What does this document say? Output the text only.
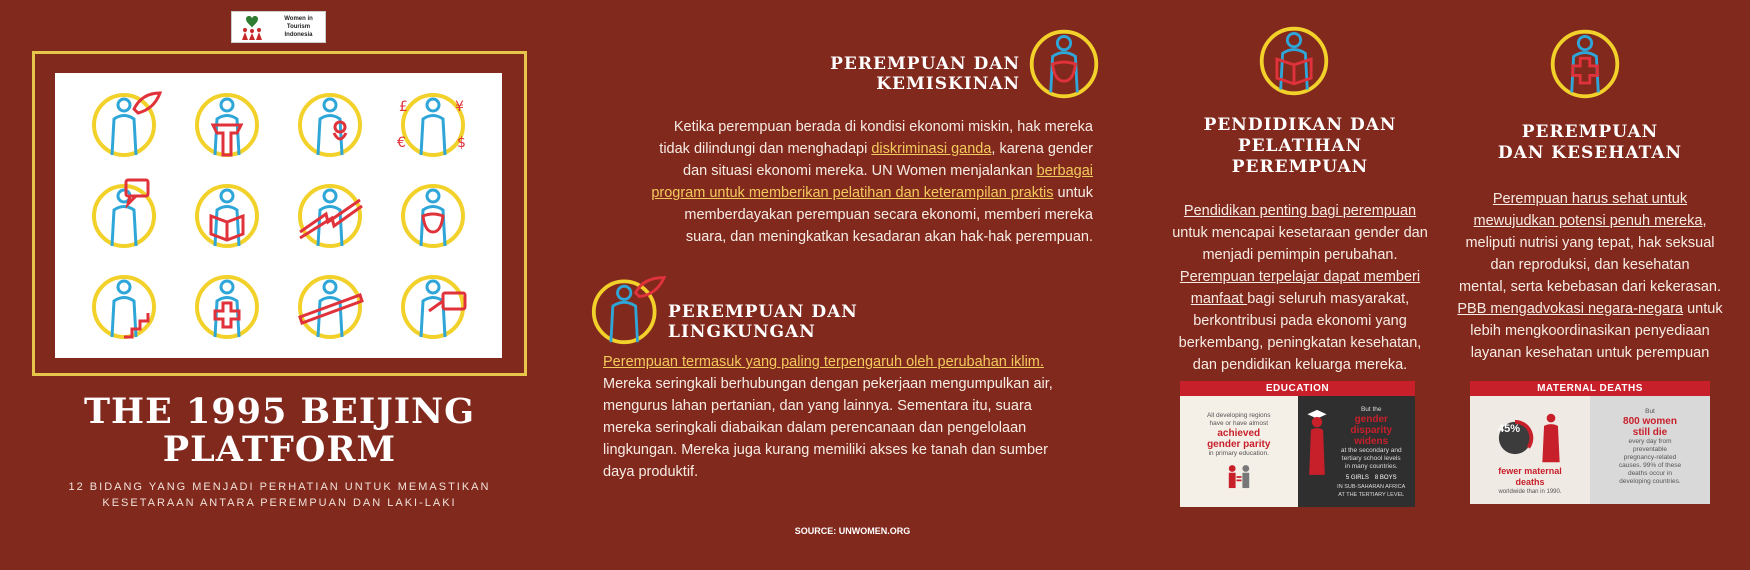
Women in Tourism
Indonesia
£	¥
€	$
THE 1995 BEIJING
PLATFORM
12 BIDANG YANG MENJADI PERHATIAN UNTUK MEMASTIKAN
KESETARAAN ANTARA PEREMPUAN DAN LAKI-LAKI
PEREMPUAN DAN
KEMISKINAN
Ketika perempuan berada di kondisi ekonomi miskin, hak mereka
tidak dilindungi dan menghadapi diskriminasi ganda, karena gender
dan situasi ekonomi mereka. UN Women menjalankan berbagai
program untuk memberikan pelatihan dan keterampilan praktis untuk
memberdayakan perempuan secara ekonomi, memberi mereka
suara, dan meningkatkan kesadaran akan hak-hak perempuan.
PEREMPUAN DAN
LINGKUNGAN
Perempuan termasuk yang paling terpengaruh oleh perubahan iklim.
Mereka seringkali berhubungan dengan pekerjaan mengumpulkan air,
mengurus lahan pertanian, dan yang lainnya. Sementara itu, suara
mereka seringkali diabaikan dalam perencanaan dan pengelolaan
lingkungan. Mereka juga kurang memiliki akses ke tanah dan sumber
daya produktif.
SOURCE: UNWOMEN.ORG
PENDIDIKAN DAN
PELATIHAN
PEREMPUAN
Pendidikan penting bagi perempuan
untuk mencapai kesetaraan gender dan
menjadi pemimpin perubahan.
Perempuan terpelajar dapat memberi
manfaat bagi seluruh masyarakat,
berkontribusi pada ekonomi yang
berkembang, peningkatan kesehatan,
dan pendidikan keluarga mereka.
EDUCATION
All developing regions
have or have almost
achieved
gender parity
in primary education.
But the
gender disparity
widens
at the secondary and
tertiary school levels
in many countries.
5 GIRLS 8 BOYS
IN SUB-SAHARAN AFRICA
AT THE TERTIARY LEVEL
PEREMPUAN
DAN KESEHATAN
Perempuan harus sehat untuk
mewujudkan potensi penuh mereka,
meliputi nutrisi yang tepat, hak seksual
dan reproduksi, dan kesehatan
mental, serta kebebasan dari kekerasan.
PBB mengadvokasi negara-negara untuk
lebih mengkoordinasikan penyediaan
layanan kesehatan untuk perempuan
MATERNAL DEATHS
45%
fewer maternal
deaths
worldwide than in 1990.
But
800 women
still die
every day from
preventable
pregnancy-related
causes. 99% of these
deaths occur in
developing countries.
